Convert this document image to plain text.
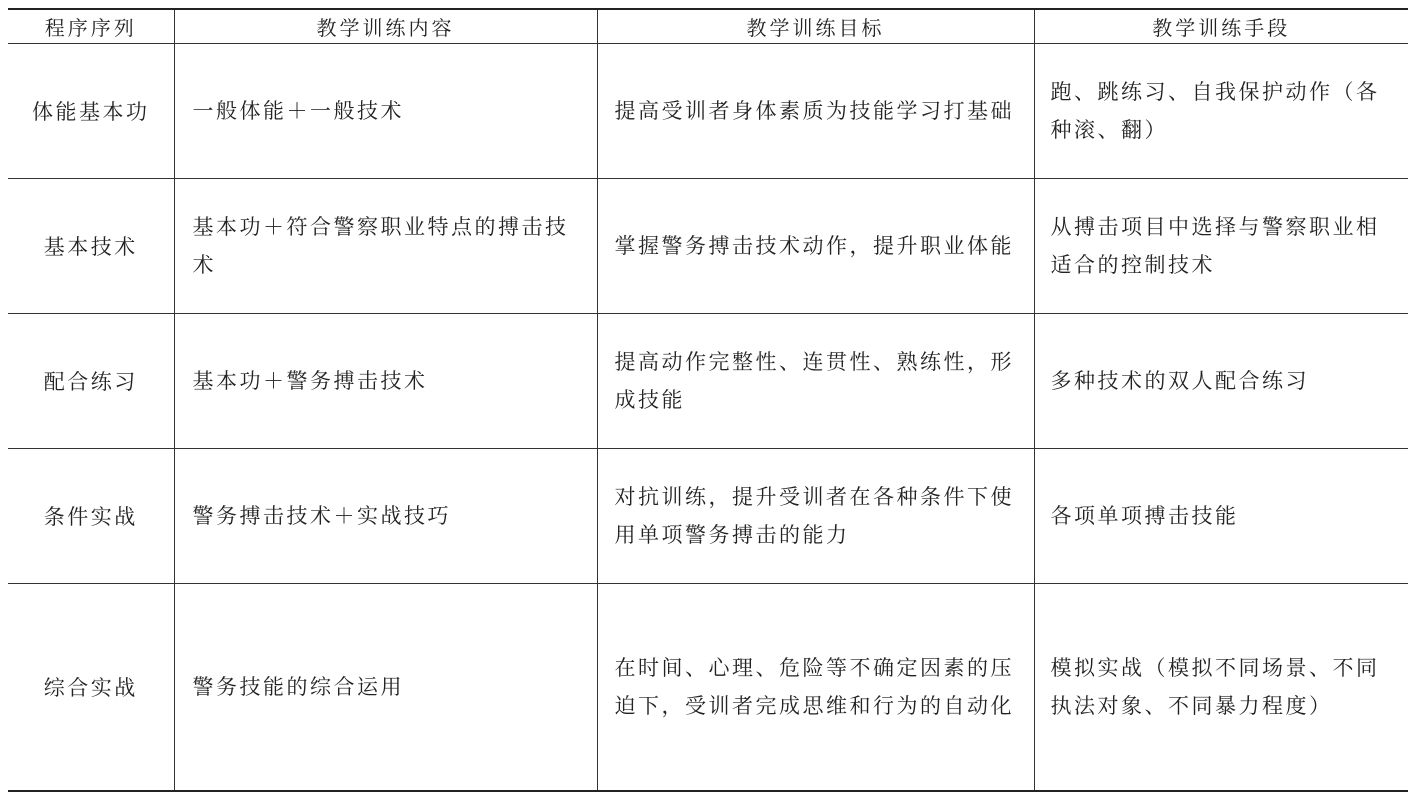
程序序列	教学训练内容	教学训练目标	教学训练手段
体能基本功	一般体能＋一般技术	提高受训者身体素质为技能学习打基础	跑、跳练习、自我保护动作（各种滚、翻）
基本技术	基本功＋符合警察职业特点的搏击技术	掌握警务搏击技术动作，提升职业体能	从搏击项目中选择与警察职业相适合的控制技术
配合练习	基本功＋警务搏击技术	提高动作完整性、连贯性、熟练性，形成技能	多种技术的双人配合练习
条件实战	警务搏击技术＋实战技巧	对抗训练，提升受训者在各种条件下使用单项警务搏击的能力	各项单项搏击技能
综合实战	警务技能的综合运用	在时间、心理、危险等不确定因素的压迫下，受训者完成思维和行为的自动化	模拟实战（模拟不同场景、不同执法对象、不同暴力程度）
